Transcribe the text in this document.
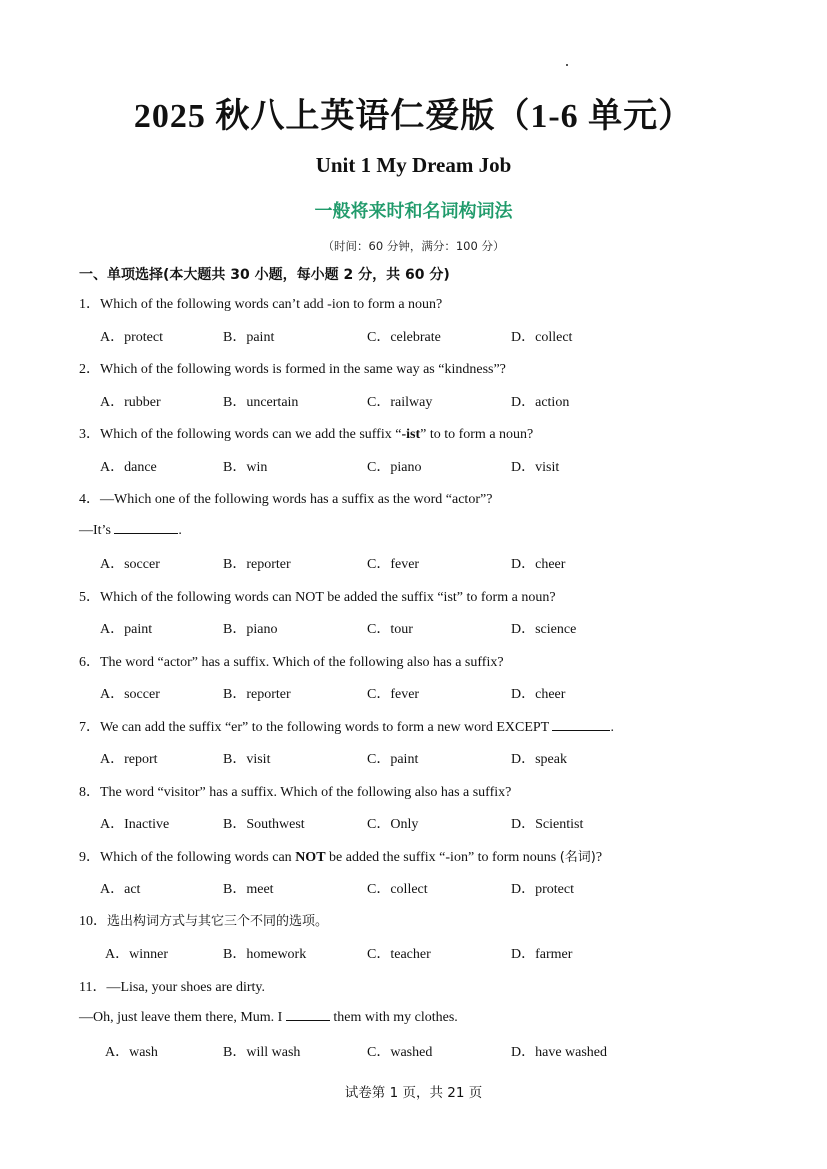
2025 秋八上英语仁爱版（1-6 单元）
Unit 1 My Dream Job
一般将来时和名词构词法
（时间：60 分钟，满分：100 分）
一、单项选择(本大题共 30 小题，每小题 2 分，共 60 分)
1．Which of the following words can’t add -ion to form a noun?
A．protect	B．paint	C．celebrate	D．collect
2．Which of the following words is formed in the same way as “kindness”?
A．rubber	B．uncertain	C．railway	D．action
3．Which of the following words can we add the suffix “-ist” to to form a noun?
A．dance	B．win	C．piano	D．visit
4．—Which one of the following words has a suffix as the word “actor”?
—It’s	.
A．soccer	B．reporter	C．fever	D．cheer
5．Which of the following words can NOT be added the suffix “ist” to form a noun?
A．paint	B．piano	C．tour	D．science
6．The word “actor” has a suffix. Which of the following also has a suffix?
A．soccer	B．reporter	C．fever	D．cheer
7．We can add the suffix “er” to the following words to form a new word EXCEPT	.
A．report	B．visit	C．paint	D．speak
8．The word “visitor” has a suffix. Which of the following also has a suffix?
A．Inactive	B．Southwest	C．Only	D．Scientist
9．Which of the following words can NOT be added the suffix “-ion” to form nouns (名词)?
A．act	B．meet	C．collect	D．protect
10．选出构词方式与其它三个不同的选项。
A．winner	B．homework	C．teacher	D．farmer
11．—Lisa, your shoes are dirty.
—Oh, just leave them there, Mum. I	them with my clothes.
A．wash	B．will wash	C．washed	D．have washed
试卷第 1 页，共 21 页
